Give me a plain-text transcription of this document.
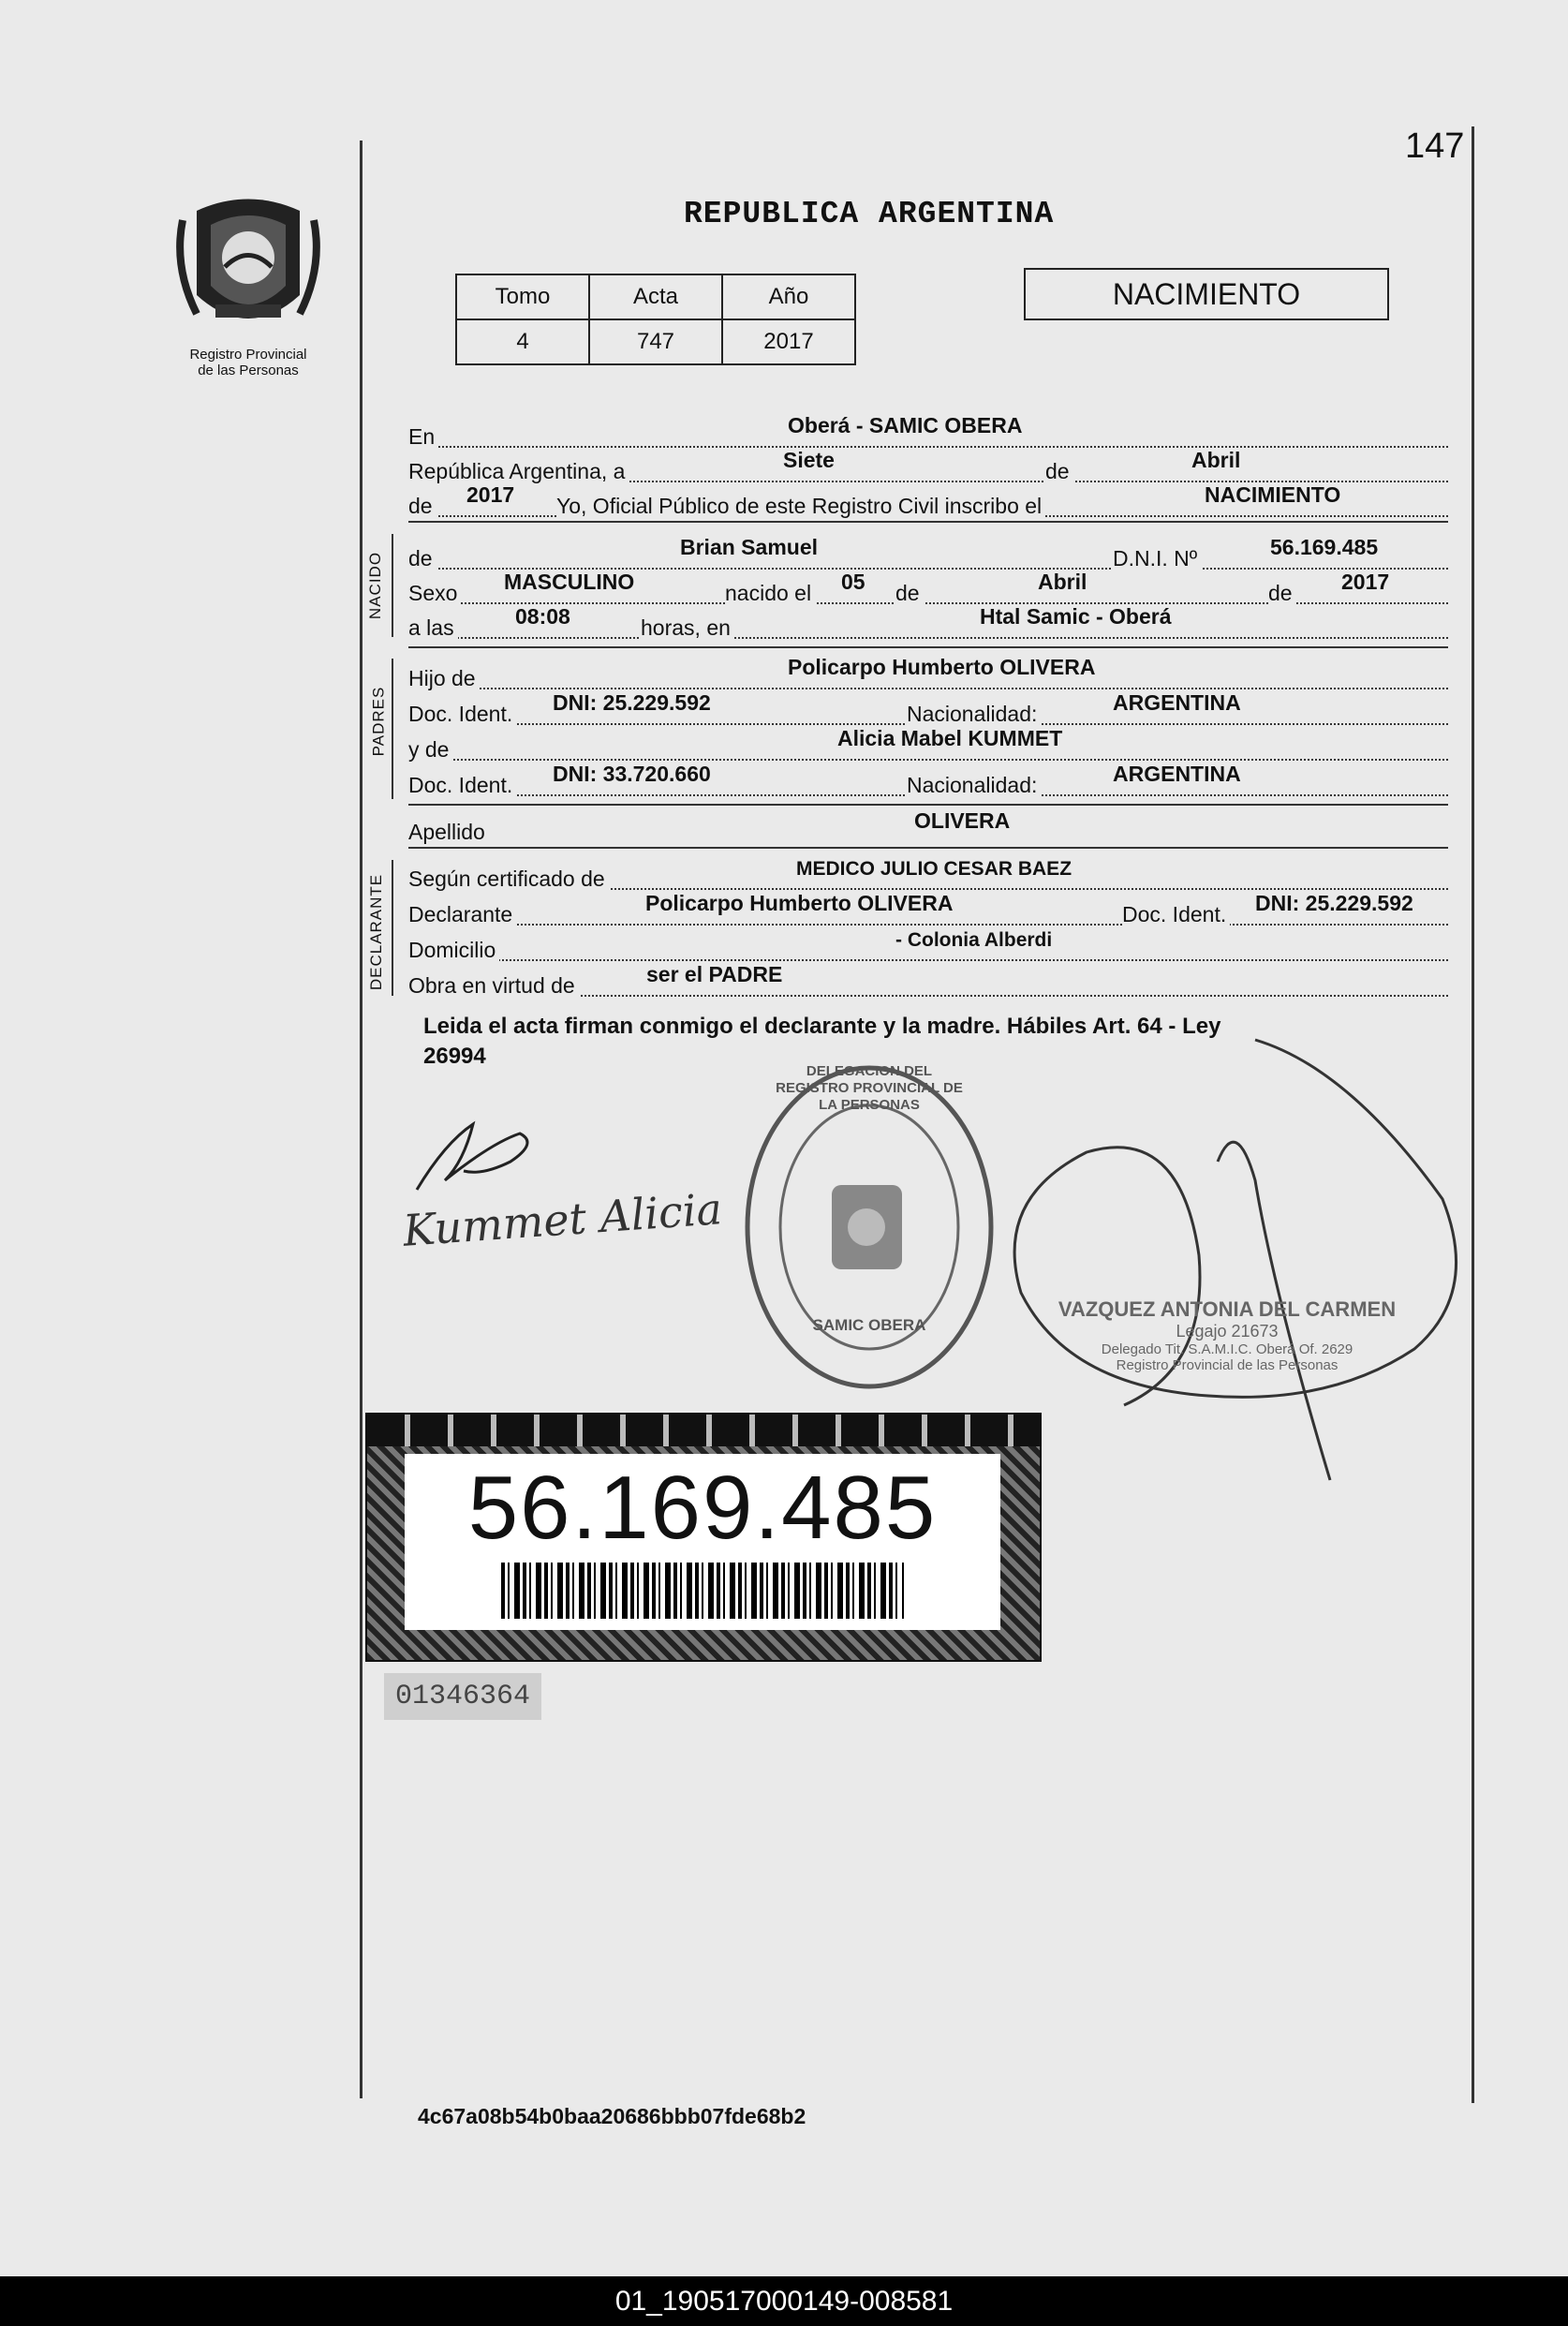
147
Registro Provincial
de las Personas
REPUBLICA ARGENTINA
Tomo	Acta	Año
4	747	2017
NACIMIENTO
En	Oberá - SAMIC OBERA
República Argentina, a	Siete	de	Abril
de 2017 Yo, Oficial Público de este Registro Civil inscribo el	NACIMIENTO
NACIDO de	Brian Samuel	D.N.I. Nº	56.169.485
Sexo MASCULINO	nacido el 05 de	Abril	de 2017
a las	08:08	horas, en	Htal Samic - Oberá
PADRES
Hijo de	Policarpo Humberto OLIVERA
Doc. Ident. DNI: 25.229.592	Nacionalidad:	ARGENTINA
y de	Alicia Mabel KUMMET
Doc. Ident. DNI: 33.720.660	Nacionalidad:	ARGENTINA
Apellido	OLIVERA
DECLARANTE Según certificado de	MEDICO JULIO CESAR BAEZ
Declarante	Policarpo Humberto OLIVERA	Doc. Ident. DNI: 25.229.592
Domicilio	- Colonia Alberdi
Obra en virtud de	ser el PADRE
Leida el acta firman conmigo el declarante y la madre. Hábiles Art. 64 - Ley
26994
Kummet Alicia
DELEGACION DEL REGISTRO PROVINCIAL DE LA PERSONAS
SAMIC OBERA
VAZQUEZ ANTONIA DEL CARMEN
Legajo 21673
Delegado Tit. S.A.M.I.C. Oberá Of. 2629
Registro Provincial de las Personas
56.169.485
01346364
4c67a08b54b0baa20686bbb07fde68b2
01_190517000149-008581
